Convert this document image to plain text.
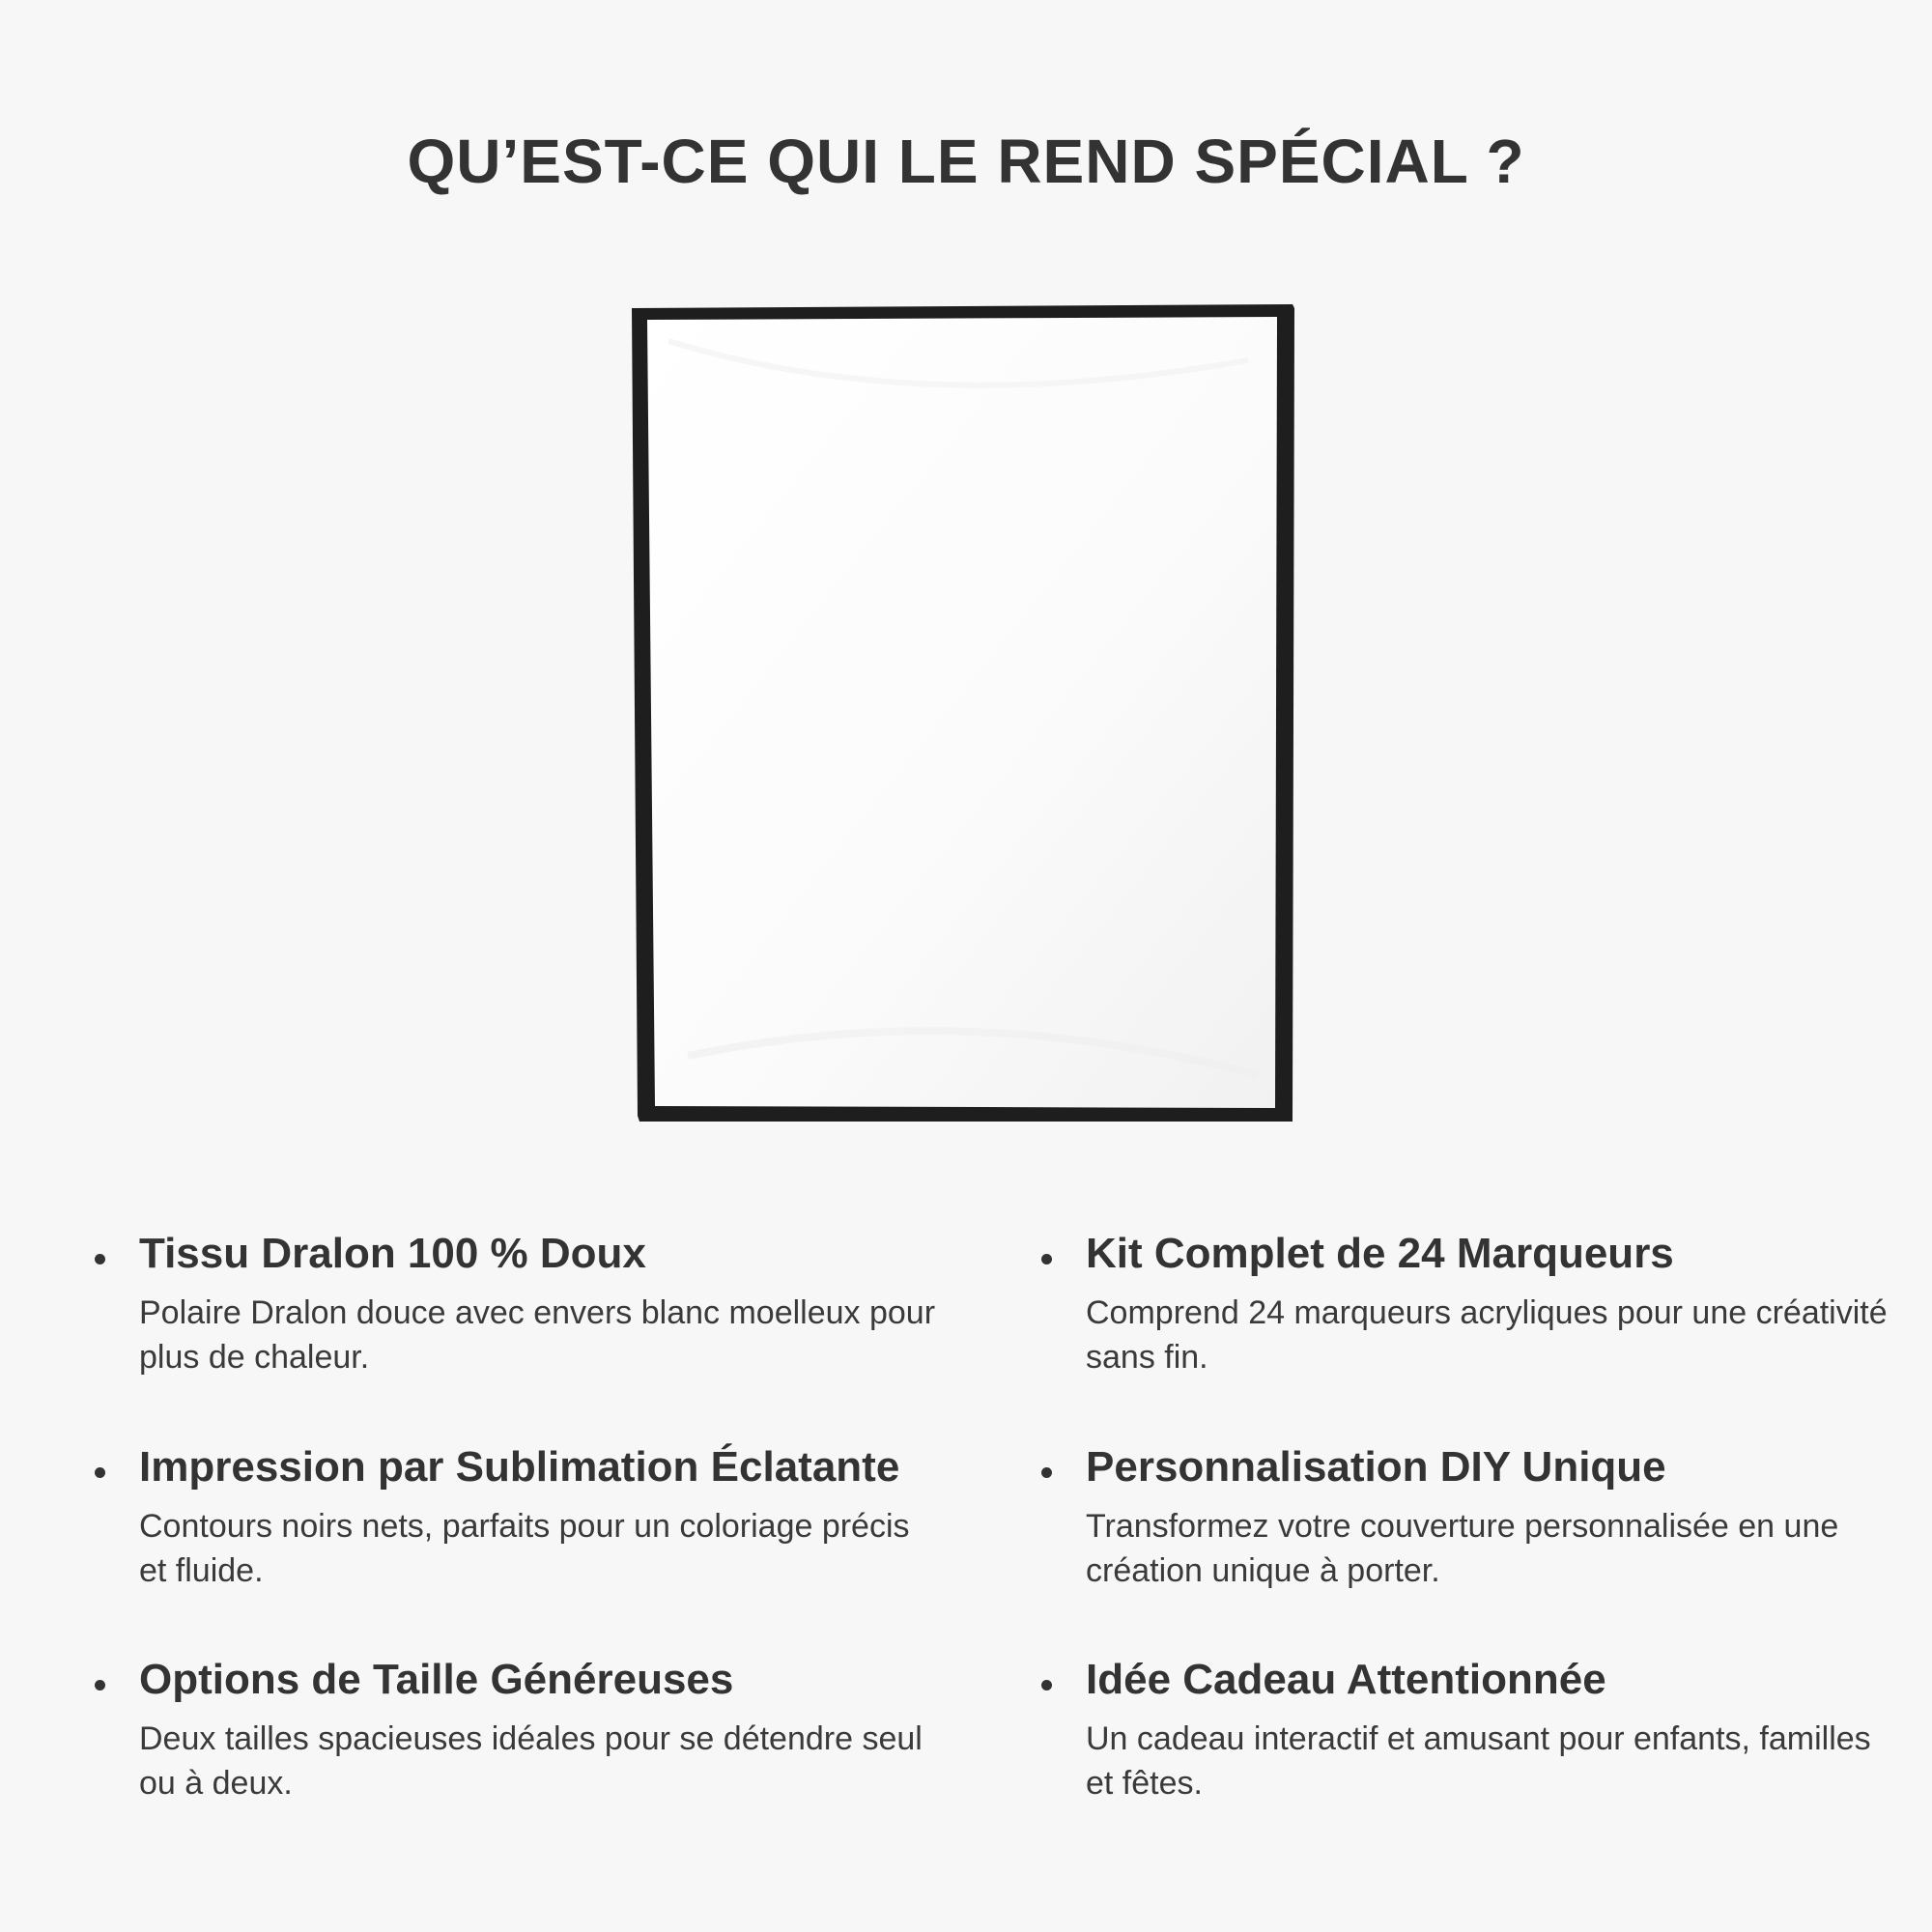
QU’EST-CE QUI LE REND SPÉCIAL ?
Tissu Dralon 100 % Doux
Polaire Dralon douce avec envers blanc moelleux pour plus de chaleur.
Kit Complet de 24 Marqueurs
Comprend 24 marqueurs acryliques pour une créativité sans fin.
Impression par Sublimation Éclatante
Contours noirs nets, parfaits pour un coloriage précis et fluide.
Personnalisation DIY Unique
Transformez votre couverture personnalisée en une création unique à porter.
Options de Taille Généreuses
Deux tailles spacieuses idéales pour se détendre seul ou à deux.
Idée Cadeau Attentionnée
Un cadeau interactif et amusant pour enfants, familles et fêtes.
